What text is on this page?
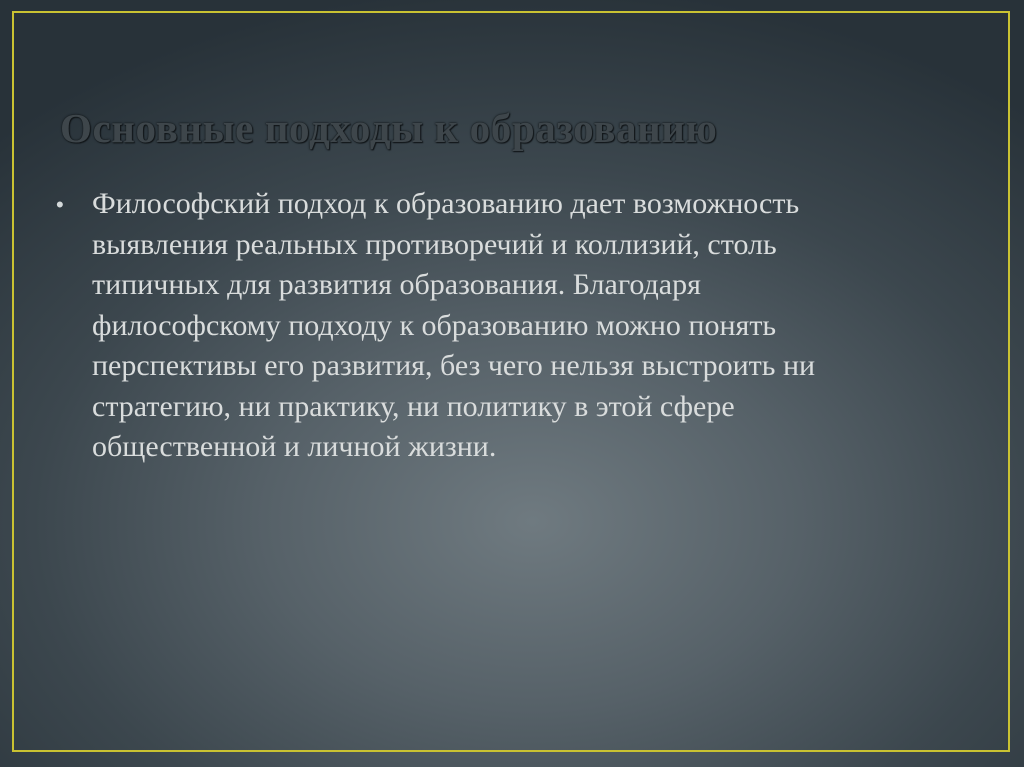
Основные подходы к образованию
• Философский подход к образованию дает возможность
выявления реальных противоречий и коллизий, столь
типичных для развития образования. Благодаря
философскому подходу к образованию можно понять
перспективы его развития, без чего нельзя выстроить ни
стратегию, ни практику, ни политику в этой сфере
общественной и личной жизни.
